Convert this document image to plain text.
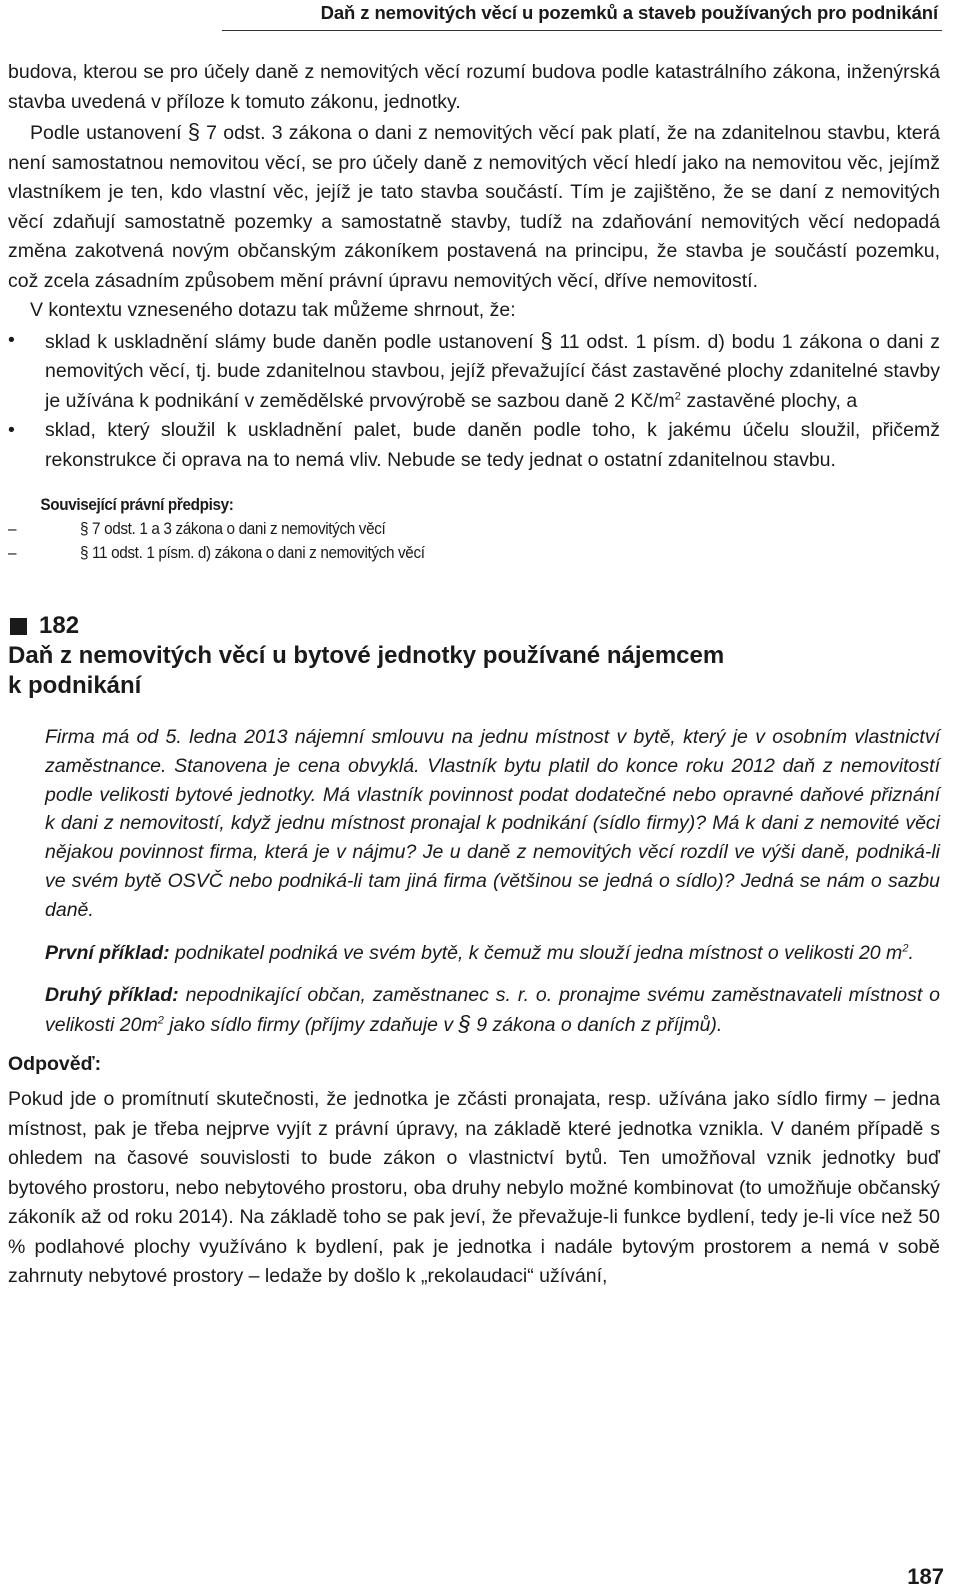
Daň z nemovitých věcí u pozemků a staveb používaných pro podnikání

budova, kterou se pro účely daně z nemovitých věcí rozumí budova podle katastrálního zákona, inženýrská stavba uvedená v příloze k tomuto zákonu, jednotky.

Podle ustanovení § 7 odst. 3 zákona o dani z nemovitých věcí pak platí, že na zdanitelnou stavbu, která není samostatnou nemovitou věcí, se pro účely daně z nemovitých věcí hledí jako na nemovitou věc, jejímž vlastníkem je ten, kdo vlastní věc, jejíž je tato stavba součástí. Tím je zajištěno, že se daní z nemovitých věcí zdaňují samostatně pozemky a samostatně stavby, tudíž na zdaňování nemovitých věcí nedopadá změna zakotvená novým občanským zákoníkem postavená na principu, že stavba je součástí pozemku, což zcela zásadním způsobem mění právní úpravu nemovitých věcí, dříve nemovitostí.

V kontextu vzneseného dotazu tak můžeme shrnout, že:

• sklad k uskladnění slámy bude daněn podle ustanovení § 11 odst. 1 písm. d) bodu 1 zákona o dani z nemovitých věcí, tj. bude zdanitelnou stavbou, jejíž převažující část zastavěné plochy zdanitelné stavby je užívána k podnikání v zemědělské prvovýrobě se sazbou daně 2 $Kč/m^2$ zastavěné plochy, a
• sklad, který sloužil k uskladnění palet, bude daněn podle toho, k jakému účelu sloužil, přičemž rekonstrukce či oprava na to nemá vliv. Nebude se tedy jednat o ostatní zdanitelnou stavbu.
Související právní předpisy:
–	§ 7 odst. 1 a 3 zákona o dani z nemovitých věcí
–	§ 11 odst. 1 písm. d) zákona o dani z nemovitých věcí
182
Daň z nemovitých věcí u bytové jednotky používané nájemcem
k podnikání

Firma má od 5. ledna 2013 nájemní smlouvu na jednu místnost v bytě, který je v osobním vlastnictví zaměstnance. Stanovena je cena obvyklá. Vlastník bytu platil do konce roku 2012 daň z nemovitostí podle velikosti bytové jednotky. Má vlastník povinnost podat dodatečné nebo opravné daňové přiznání k dani z nemovitostí, když jednu místnost pronajal k podnikání (sídlo firmy)? Má k dani z nemovité věci nějakou povinnost firma, která je v nájmu? Je u daně z nemovitých věcí rozdíl ve výši daně, podniká-li ve svém bytě OSVČ nebo podniká-li tam jiná firma (většinou se jedná o sídlo)? Jedná se nám o sazbu daně.

První příklad: podnikatel podniká ve svém bytě, k čemuž mu slouží jedna místnost o velikosti 20 $m^2$.

Druhý příklad: nepodnikající občan, zaměstnanec s. r. o. pronajme svému zaměstnavateli místnost o velikosti $20m^2$ jako sídlo firmy (příjmy zdaňuje v § 9 zákona o daních z příjmů).

Odpověď:

Pokud jde o promítnutí skutečnosti, že jednotka je zčásti pronajata, resp. užívána jako sídlo firmy – jedna místnost, pak je třeba nejprve vyjít z právní úpravy, na základě které jednotka vznikla. V daném případě s ohledem na časové souvislosti to bude zákon o vlastnictví bytů. Ten umožňoval vznik jednotky buď bytového prostoru, nebo nebytového prostoru, oba druhy nebylo možné kombinovat (to umožňuje občanský zákoník až od roku 2014). Na základě toho se pak jeví, že převažuje-li funkce bydlení, tedy je-li více než 50 % podlahové plochy využíváno k bydlení, pak je jednotka i nadále bytovým prostorem a nemá v sobě zahrnuty nebytové prostory – ledaže by došlo k „rekolaudaci“ užívání,

187
